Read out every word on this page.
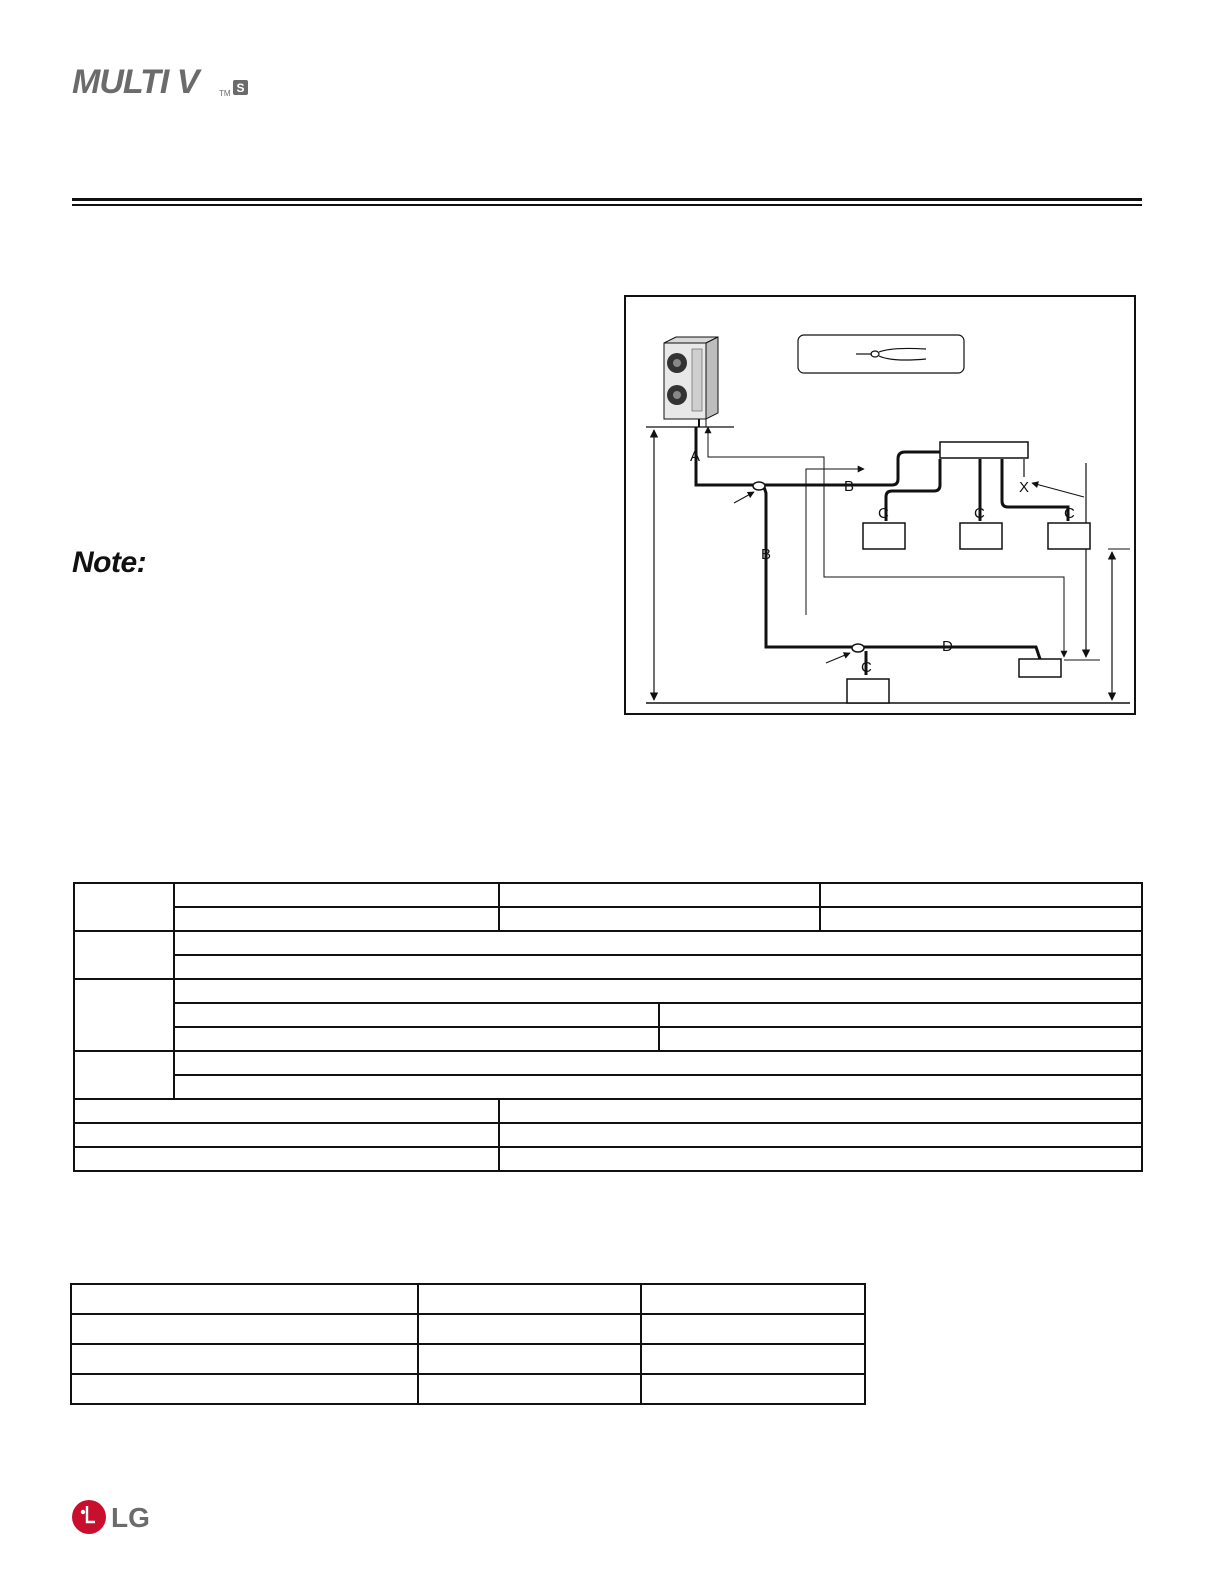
MULTI V	TM S
Note:
A
B
B
C	C	C
C
D
X

LG
